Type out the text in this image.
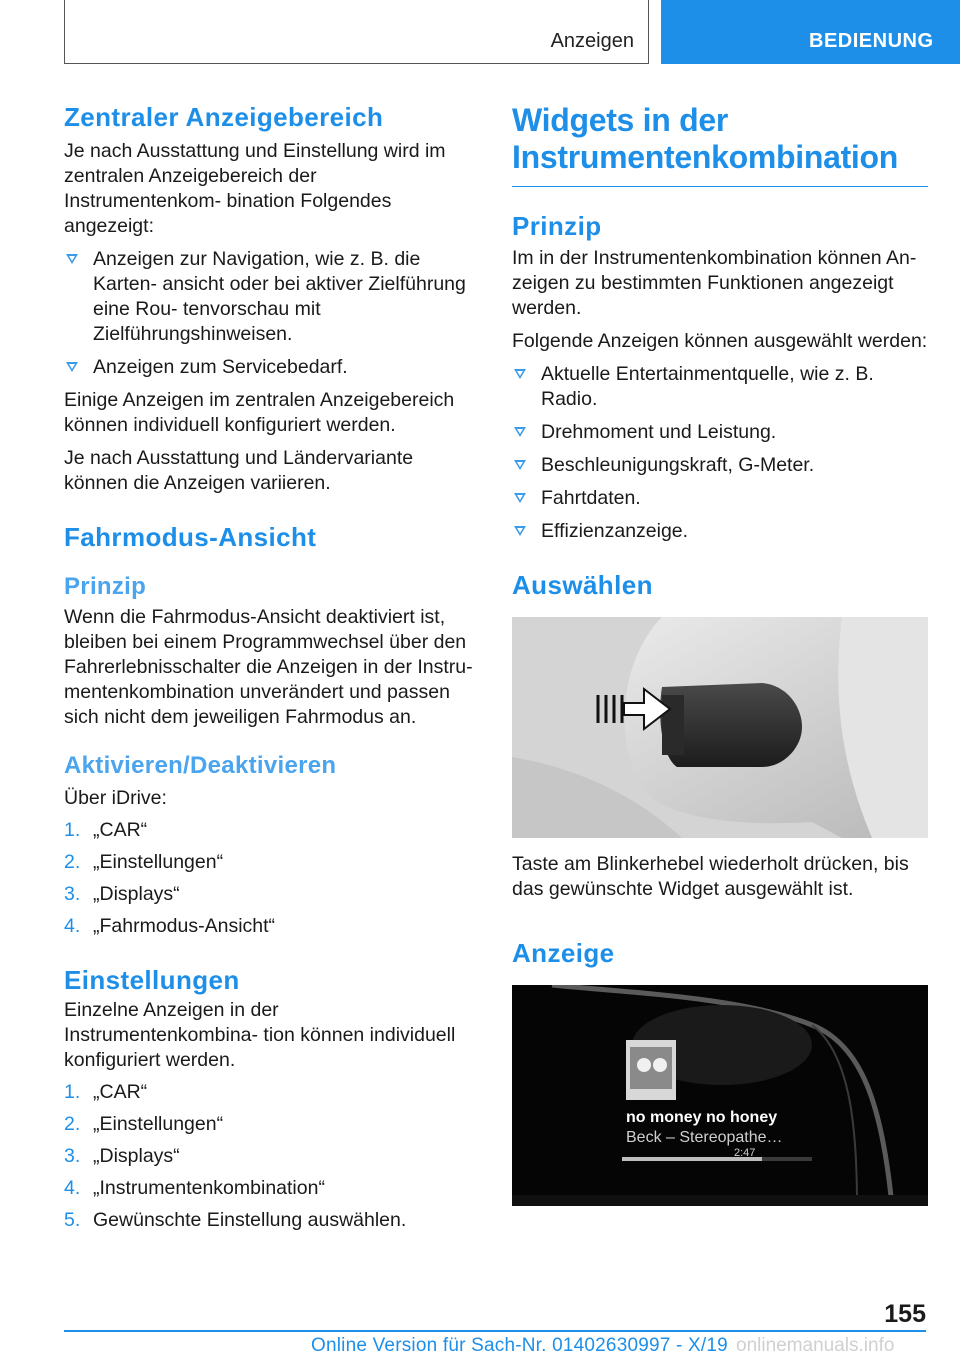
Anzeigen	BEDIENUNG
Zentraler Anzeigebereich

Je nach Ausstattung und Einstellung wird im zentralen Anzeigebereich der Instrumentenkom- bination Folgendes angezeigt:

Anzeigen zur Navigation, wie z. B. die Karten- ansicht oder bei aktiver Zielführung eine Rou- tenvorschau mit Zielführungshinweisen.
Anzeigen zum Servicebedarf.

Einige Anzeigen im zentralen Anzeigebereich können individuell konfiguriert werden.

Je nach Ausstattung und Ländervariante können die Anzeigen variieren.

Fahrmodus-Ansicht
Prinzip

Wenn die Fahrmodus-Ansicht deaktiviert ist, bleiben bei einem Programmwechsel über den Fahrerlebnisschalter die Anzeigen in der Instru- mentenkombination unverändert und passen sich nicht dem jeweiligen Fahrmodus an.

Aktivieren/Deaktivieren

Über iDrive:

1. „CAR“
2. „Einstellungen“
3. „Displays“
4. „Fahrmodus-Ansicht“
Einstellungen

Einzelne Anzeigen in der Instrumentenkombina- tion können individuell konfiguriert werden.

1. „CAR“
2. „Einstellungen“
3. „Displays“
4. „Instrumentenkombination“
5. Gewünschte Einstellung auswählen.
Widgets in der Instrumentenkombination
Prinzip

Im in der Instrumentenkombination können An- zeigen zu bestimmten Funktionen angezeigt werden.

Folgende Anzeigen können ausgewählt werden:

Aktuelle Entertainmentquelle, wie z. B. Radio.
Drehmoment und Leistung.
Beschleunigungskraft, G-Meter.
Fahrtdaten.
Effizienzanzeige.
Auswählen

Taste am Blinkerhebel wiederholt drücken, bis das gewünschte Widget ausgewählt ist.

Anzeige
no money no honey
Beck – Stereopathe…
2:47
155
Online Version für Sach-Nr. 01402630997 - X/19 onlinemanuals.info
